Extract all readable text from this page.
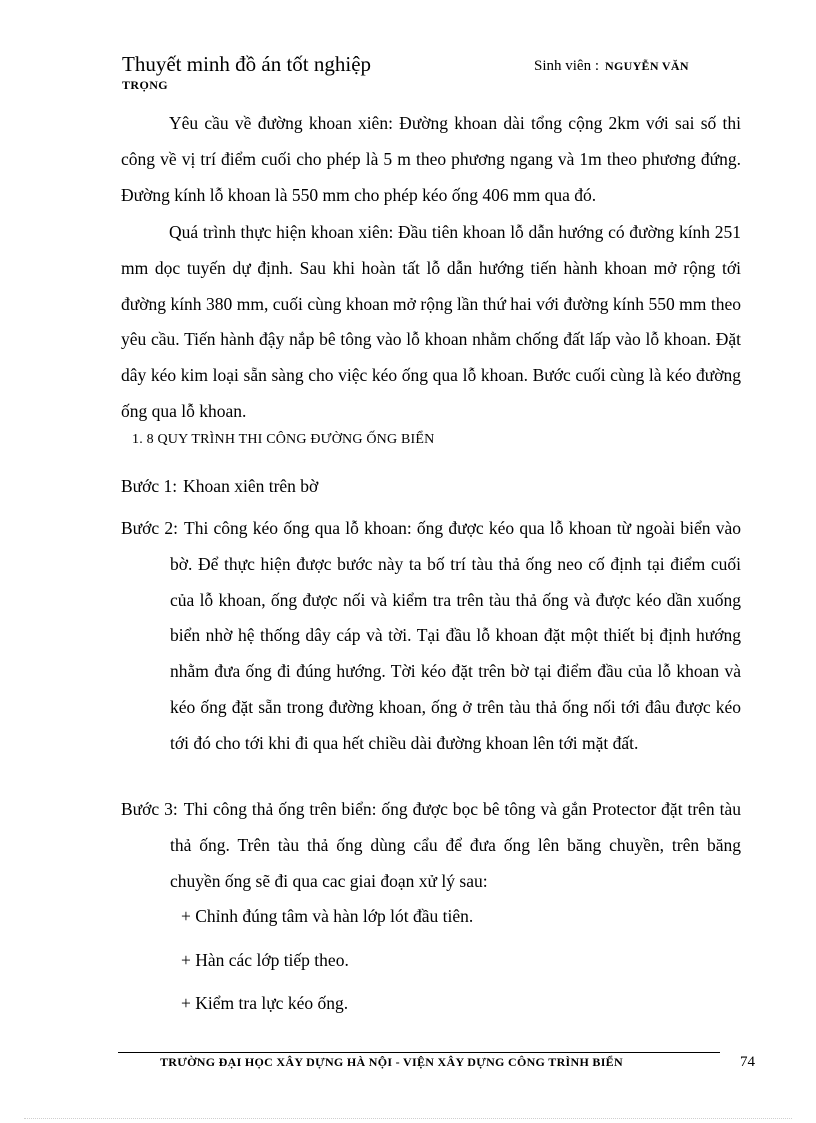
Thuyết minh đồ án tốt nghiệp	Sinh viên : NGUYỄN VĂN
TRỌNG

Yêu cầu về đường khoan xiên: Đường khoan dài tổng cộng 2km với sai số thi công về vị trí điểm cuối cho phép là 5 m theo phương ngang và 1m theo phương đứng. Đường kính lỗ khoan là 550 mm cho phép kéo ống 406 mm qua đó.

Quá trình thực hiện khoan xiên: Đầu tiên khoan lỗ dẫn hướng có đường kính 251 mm dọc tuyến dự định. Sau khi hoàn tất lỗ dẫn hướng tiến hành khoan mở rộng tới đường kính 380 mm, cuối cùng khoan mở rộng lần thứ hai với đường kính 550 mm theo yêu cầu. Tiến hành đậy nắp bê tông vào lỗ khoan nhằm chống đất lấp vào lỗ khoan. Đặt dây kéo kim loại sẵn sàng cho việc kéo ống qua lỗ khoan. Bước cuối cùng là kéo đường ống qua lỗ khoan.

1. 8 QUY TRÌNH THI CÔNG ĐƯỜNG ỐNG BIỂN

Bước 1: Khoan xiên trên bờ

Bước 2: Thi công kéo ống qua lỗ khoan: ống được kéo qua lỗ khoan từ ngoài biển vào bờ. Để thực hiện được bước này ta bố trí tàu thả ống neo cố định tại điểm cuối của lỗ khoan, ống được nối và kiểm tra trên tàu thả ống và được kéo dần xuống biển nhờ hệ thống dây cáp và tời. Tại đầu lỗ khoan đặt một thiết bị định hướng nhằm đưa ống đi đúng hướng. Tời kéo đặt trên bờ tại điểm đầu của lỗ khoan và kéo ống đặt sẵn trong đường khoan, ống ở trên tàu thả ống nối tới đâu được kéo tới đó cho tới khi đi qua hết chiều dài đường khoan lên tới mặt đất.
Bước 3: Thi công thả ống trên biển: ống được bọc bê tông và gắn Protector đặt trên tàu thả ống. Trên tàu thả ống dùng cẩu để đưa ống lên băng chuyền, trên băng chuyền ống sẽ đi qua cac giai đoạn xử lý sau:
+ Chỉnh đúng tâm và hàn lớp lót đầu tiên.
+ Hàn các lớp tiếp theo.
+ Kiểm tra lực kéo ống.
TRƯỜNG ĐẠI HỌC XÂY DỰNG HÀ NỘI - VIỆN XÂY DỰNG CÔNG TRÌNH BIỂN	74
